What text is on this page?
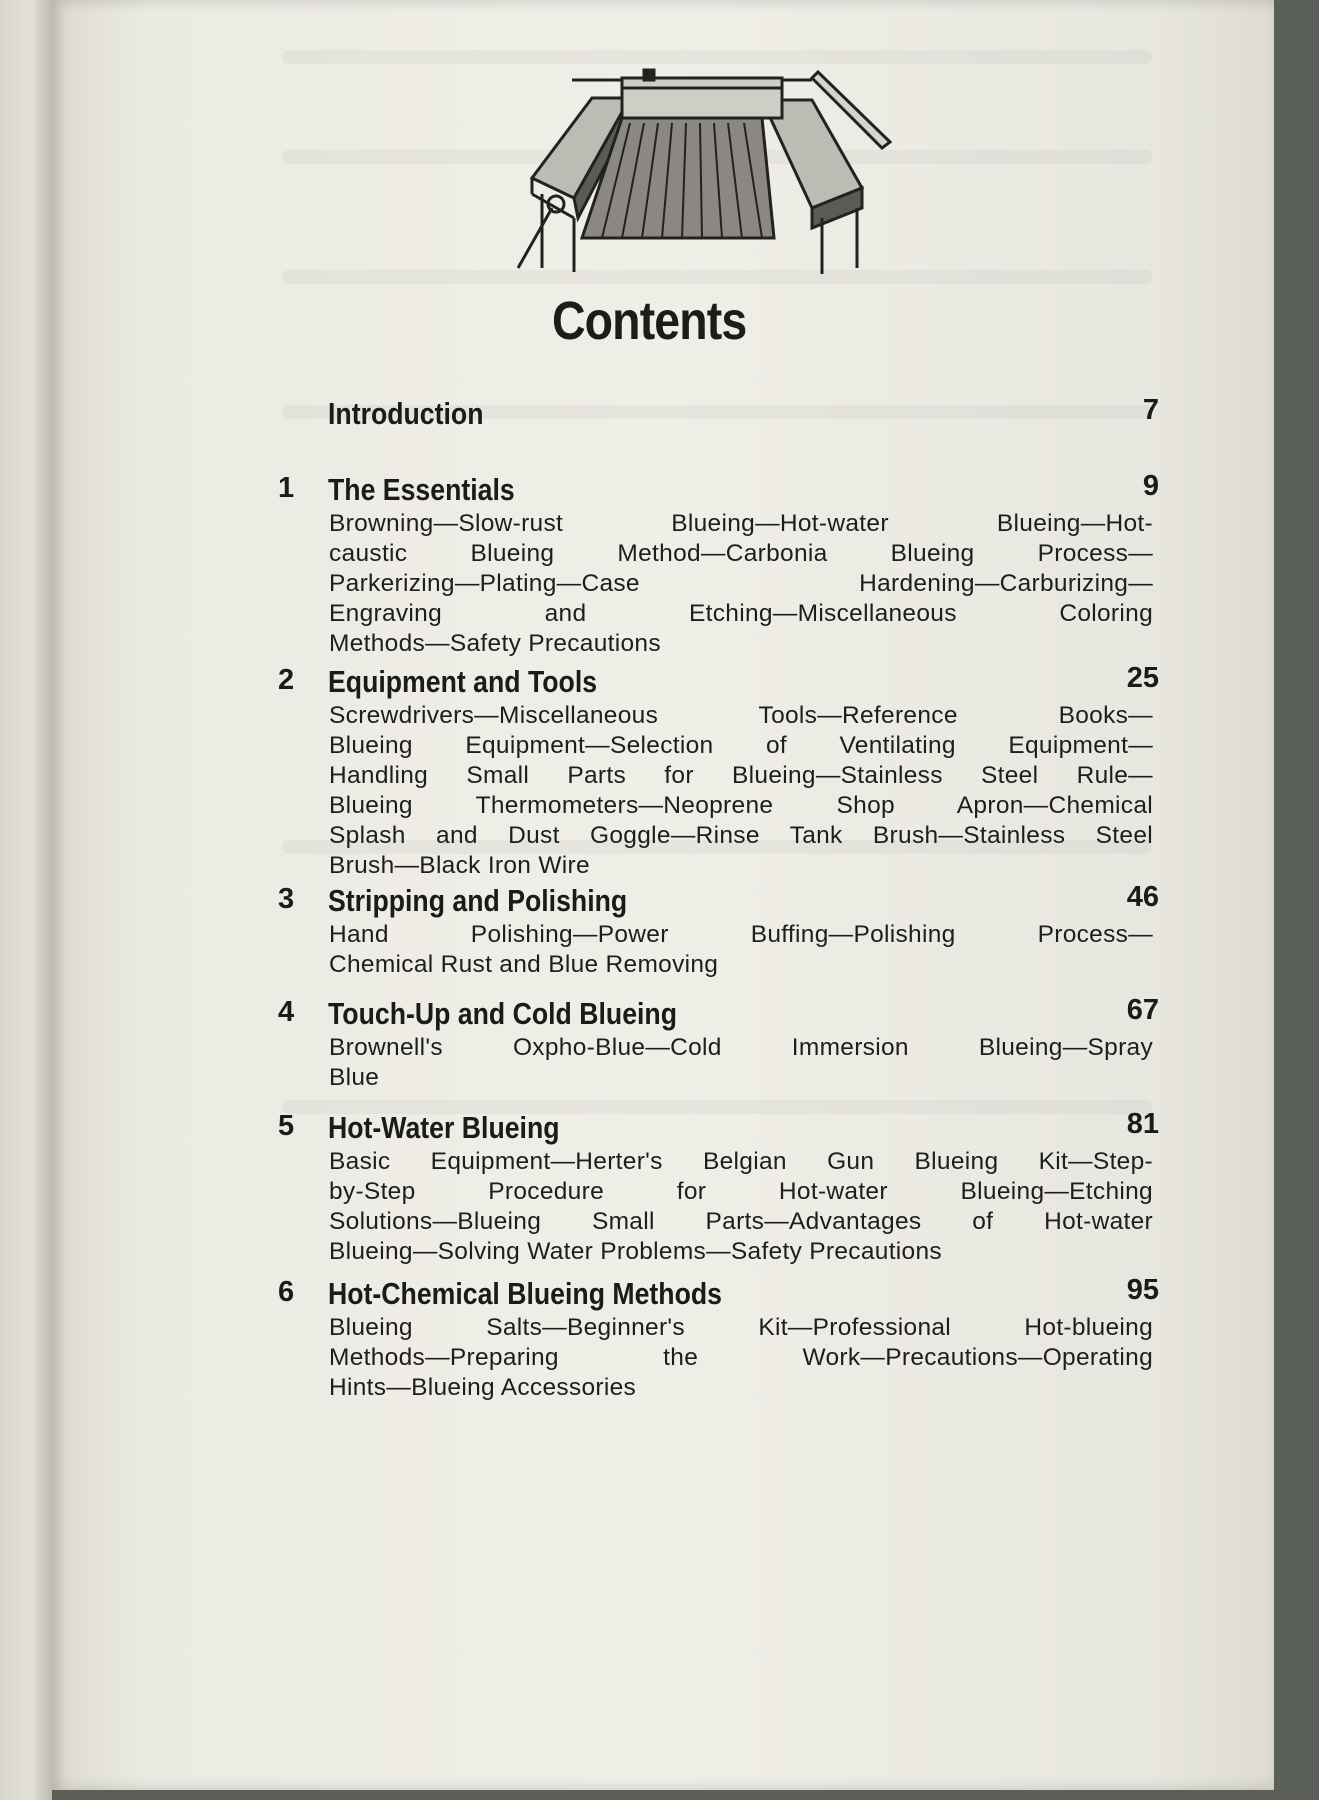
Contents
Introduction	7
1 The Essentials	9
Browning—Slow-rust Blueing—Hot-water Blueing—Hot-
caustic Blueing Method—Carbonia Blueing Process—
Parkerizing—Plating—Case Hardening—Carburizing—
Engraving and Etching—Miscellaneous Coloring
Methods—Safety Precautions
2 Equipment and Tools	25
Screwdrivers—Miscellaneous Tools—Reference Books—
Blueing Equipment—Selection of Ventilating Equipment—
Handling Small Parts for Blueing—Stainless Steel Rule—
Blueing Thermometers—Neoprene Shop Apron—Chemical
Splash and Dust Goggle—Rinse Tank Brush—Stainless Steel
Brush—Black Iron Wire
3 Stripping and Polishing	46
Hand Polishing—Power Buffing—Polishing Process—
Chemical Rust and Blue Removing
4 Touch-Up and Cold Blueing	67
Brownell's Oxpho-Blue—Cold Immersion Blueing—Spray
Blue
5 Hot-Water Blueing	81
Basic Equipment—Herter's Belgian Gun Blueing Kit—Step-
by-Step Procedure for Hot-water Blueing—Etching
Solutions—Blueing Small Parts—Advantages of Hot-water
Blueing—Solving Water Problems—Safety Precautions
6 Hot-Chemical Blueing Methods	95
Blueing Salts—Beginner's Kit—Professional Hot-blueing
Methods—Preparing the Work—Precautions—Operating
Hints—Blueing Accessories
